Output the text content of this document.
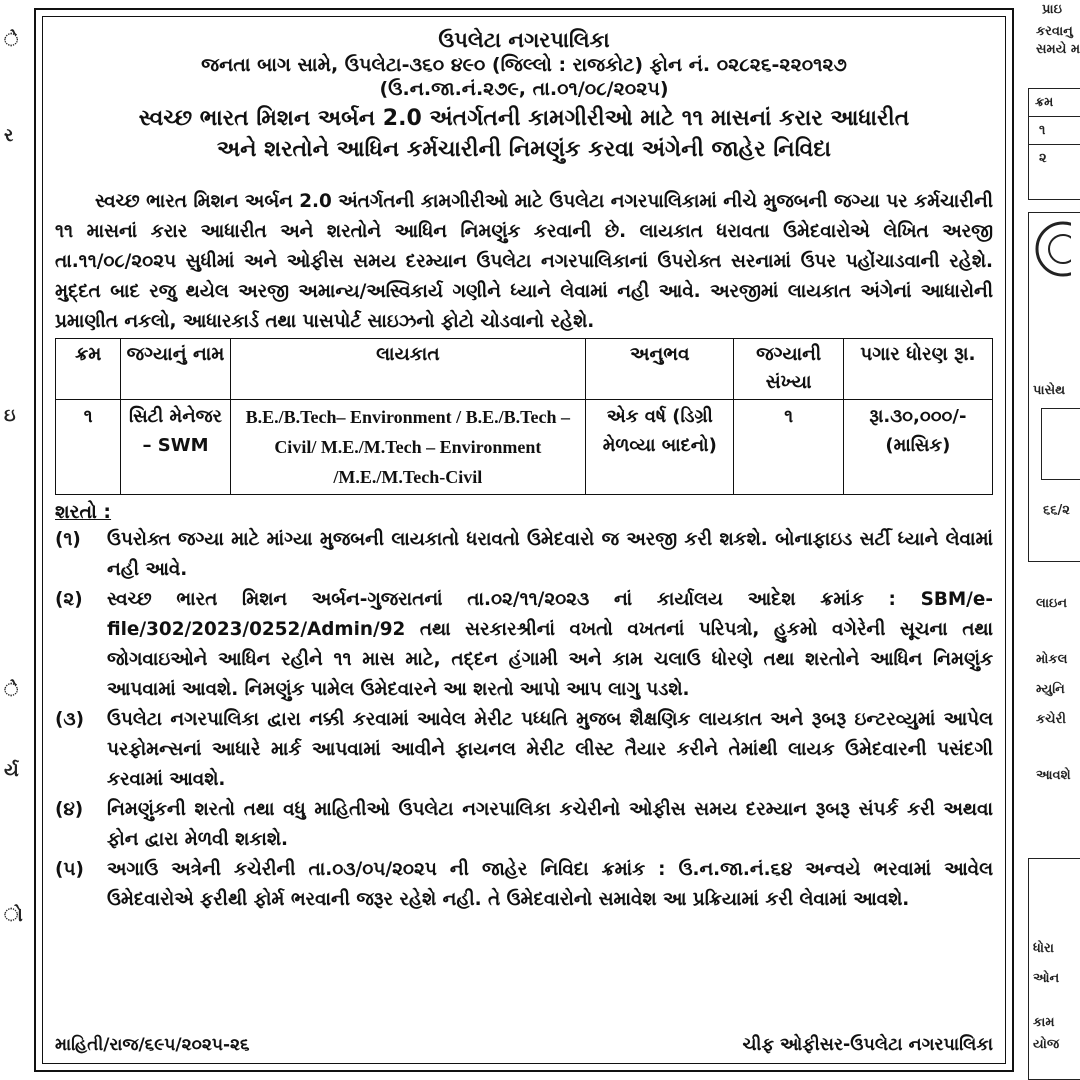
ે
ર
ઇ
ે
ર્ય
ો

ઉપલેટા નગરપાલિકા

જનતા બાગ સામે, ઉપલેટા-૩૬૦ ૪૯૦ (જિલ્લો : રાજકોટ) ફોન નં. ૦૨૮૨૬-૨૨૦૧૨૭

(ઉ.ન.જા.નં.૨૭૯, તા.૦૧/૦૮/૨૦૨૫)

સ્વચ્છ ભારત મિશન અર્બન 2.0 અંતર્ગતની કામગીરીઓ માટે ૧૧ માસનાં કરાર આધારીત
અને શરતોને આધિન કર્મચારીની નિમણુંક કરવા અંગેની જાહેર નિવિદા

સ્વચ્છ ભારત મિશન અર્બન 2.0 અંતર્ગતની કામગીરીઓ માટે ઉપલેટા નગરપાલિકામાં નીચે મુજબની જગ્યા પર કર્મચારીની ૧૧ માસનાં કરાર આધારીત અને શરતોને આધિન નિમણુંક કરવાની છે. લાયકાત ધરાવતા ઉમેદવારોએ લેખિત અરજી તા.૧૧/૦૮/૨૦૨૫ સુધીમાં અને ઓફીસ સમય દરમ્યાન ઉપલેટા નગરપાલિકાનાં ઉપરોક્ત સરનામાં ઉપર પહોંચાડવાની રહેશે. મુદ્દત બાદ રજુ થયેલ અરજી અમાન્ય/અસ્વિકાર્ય ગણીને ધ્યાને લેવામાં નહી આવે. અરજીમાં લાયકાત અંગેનાં આધારોની પ્રમાણીત નકલો, આધારકાર્ડ તથા પાસપોર્ટ સાઇઝનો ફોટો ચોડવાનો રહેશે.

ક્રમ	જગ્યાનું નામ	લાયકાત	અનુભવ	જગ્યાની સંખ્યા	પગાર ધોરણ રૂા.
૧	સિટી મેનેજર – SWM	B.E./B.Tech– Environment / B.E./B.Tech – Civil/ M.E./M.Tech – Environment /M.E./M.Tech-Civil	એક વર્ષ (ડિગ્રી મેળવ્યા બાદનો)	૧	રૂા.૩૦,૦૦૦/- (માસિક)

શરતો :

(૧) ઉપરોક્ત જગ્યા માટે માંગ્યા મુજબની લાયકાતો ધરાવતો ઉમેદવારો જ અરજી કરી શકશે. બોનાફાઇડ સર્ટી ધ્યાને લેવામાં નહી આવે.
(૨) સ્વચ્છ ભારત મિશન અર્બન-ગુજરાતનાં તા.૦૨/૧૧/૨૦૨૩ નાં કાર્યાલય આદેશ ક્રમાંક : SBM/e-file/302/2023/0252/Admin/92 તથા સરકારશ્રીનાં વખતો વખતનાં પરિપત્રો, હુકમો વગેરેની સૂચના તથા જોગવાઇઓને આધિન રહીને ૧૧ માસ માટે, તદ્દન હંગામી અને કામ ચલાઉ ધોરણે તથા શરતોને આધિન નિમણુંક આપવામાં આવશે. નિમણુંક પામેલ ઉમેદવારને આ શરતો આપો આપ લાગુ પડશે.
(૩) ઉપલેટા નગરપાલિકા દ્વારા નક્કી કરવામાં આવેલ મેરીટ પધ્ધતિ મુજબ શૈક્ષણિક લાયકાત અને રૂબરૂ ઇન્ટરવ્યુમાં આપેલ પરફોમન્સનાં આધારે માર્ક આપવામાં આવીને ફાયનલ મેરીટ લીસ્ટ તૈયાર કરીને તેમાંથી લાયક ઉમેદવારની પસંદગી કરવામાં આવશે.
(૪) નિમણુંકની શરતો તથા વધુ માહિતીઓ ઉપલેટા નગરપાલિકા કચેરીનો ઓફીસ સમય દરમ્યાન રૂબરૂ સંપર્ક કરી અથવા ફોન દ્વારા મેળવી શકાશે.
(૫) અગાઉ અત્રેની કચેરીની તા.૦૩/૦૫/૨૦૨૫ ની જાહેર નિવિદા ક્રમાંક : ઉ.ન.જા.નં.૬૪ અન્વયે ભરવામાં આવેલ ઉમેદવારોએ ફરીથી ફોર્મ ભરવાની જરૂર રહેશે નહી. તે ઉમેદવારોનો સમાવેશ આ પ્રક્રિયામાં કરી લેવામાં આવશે.
માહિતી/રાજ/૬૯૫/૨૦૨૫-૨૬	ચીફ ઓફીસર-ઉપલેટા નગરપાલિકા
પ્રાઇ
કરવાનુ
સમયે મ
ક્રમ
૧
૨
પાસેથ
૬૬/૨
લાઇન
મોકલ
મ્યુનિ
કચેરી
આવશે
ધોરા
ઓન
કામ
યોજ
